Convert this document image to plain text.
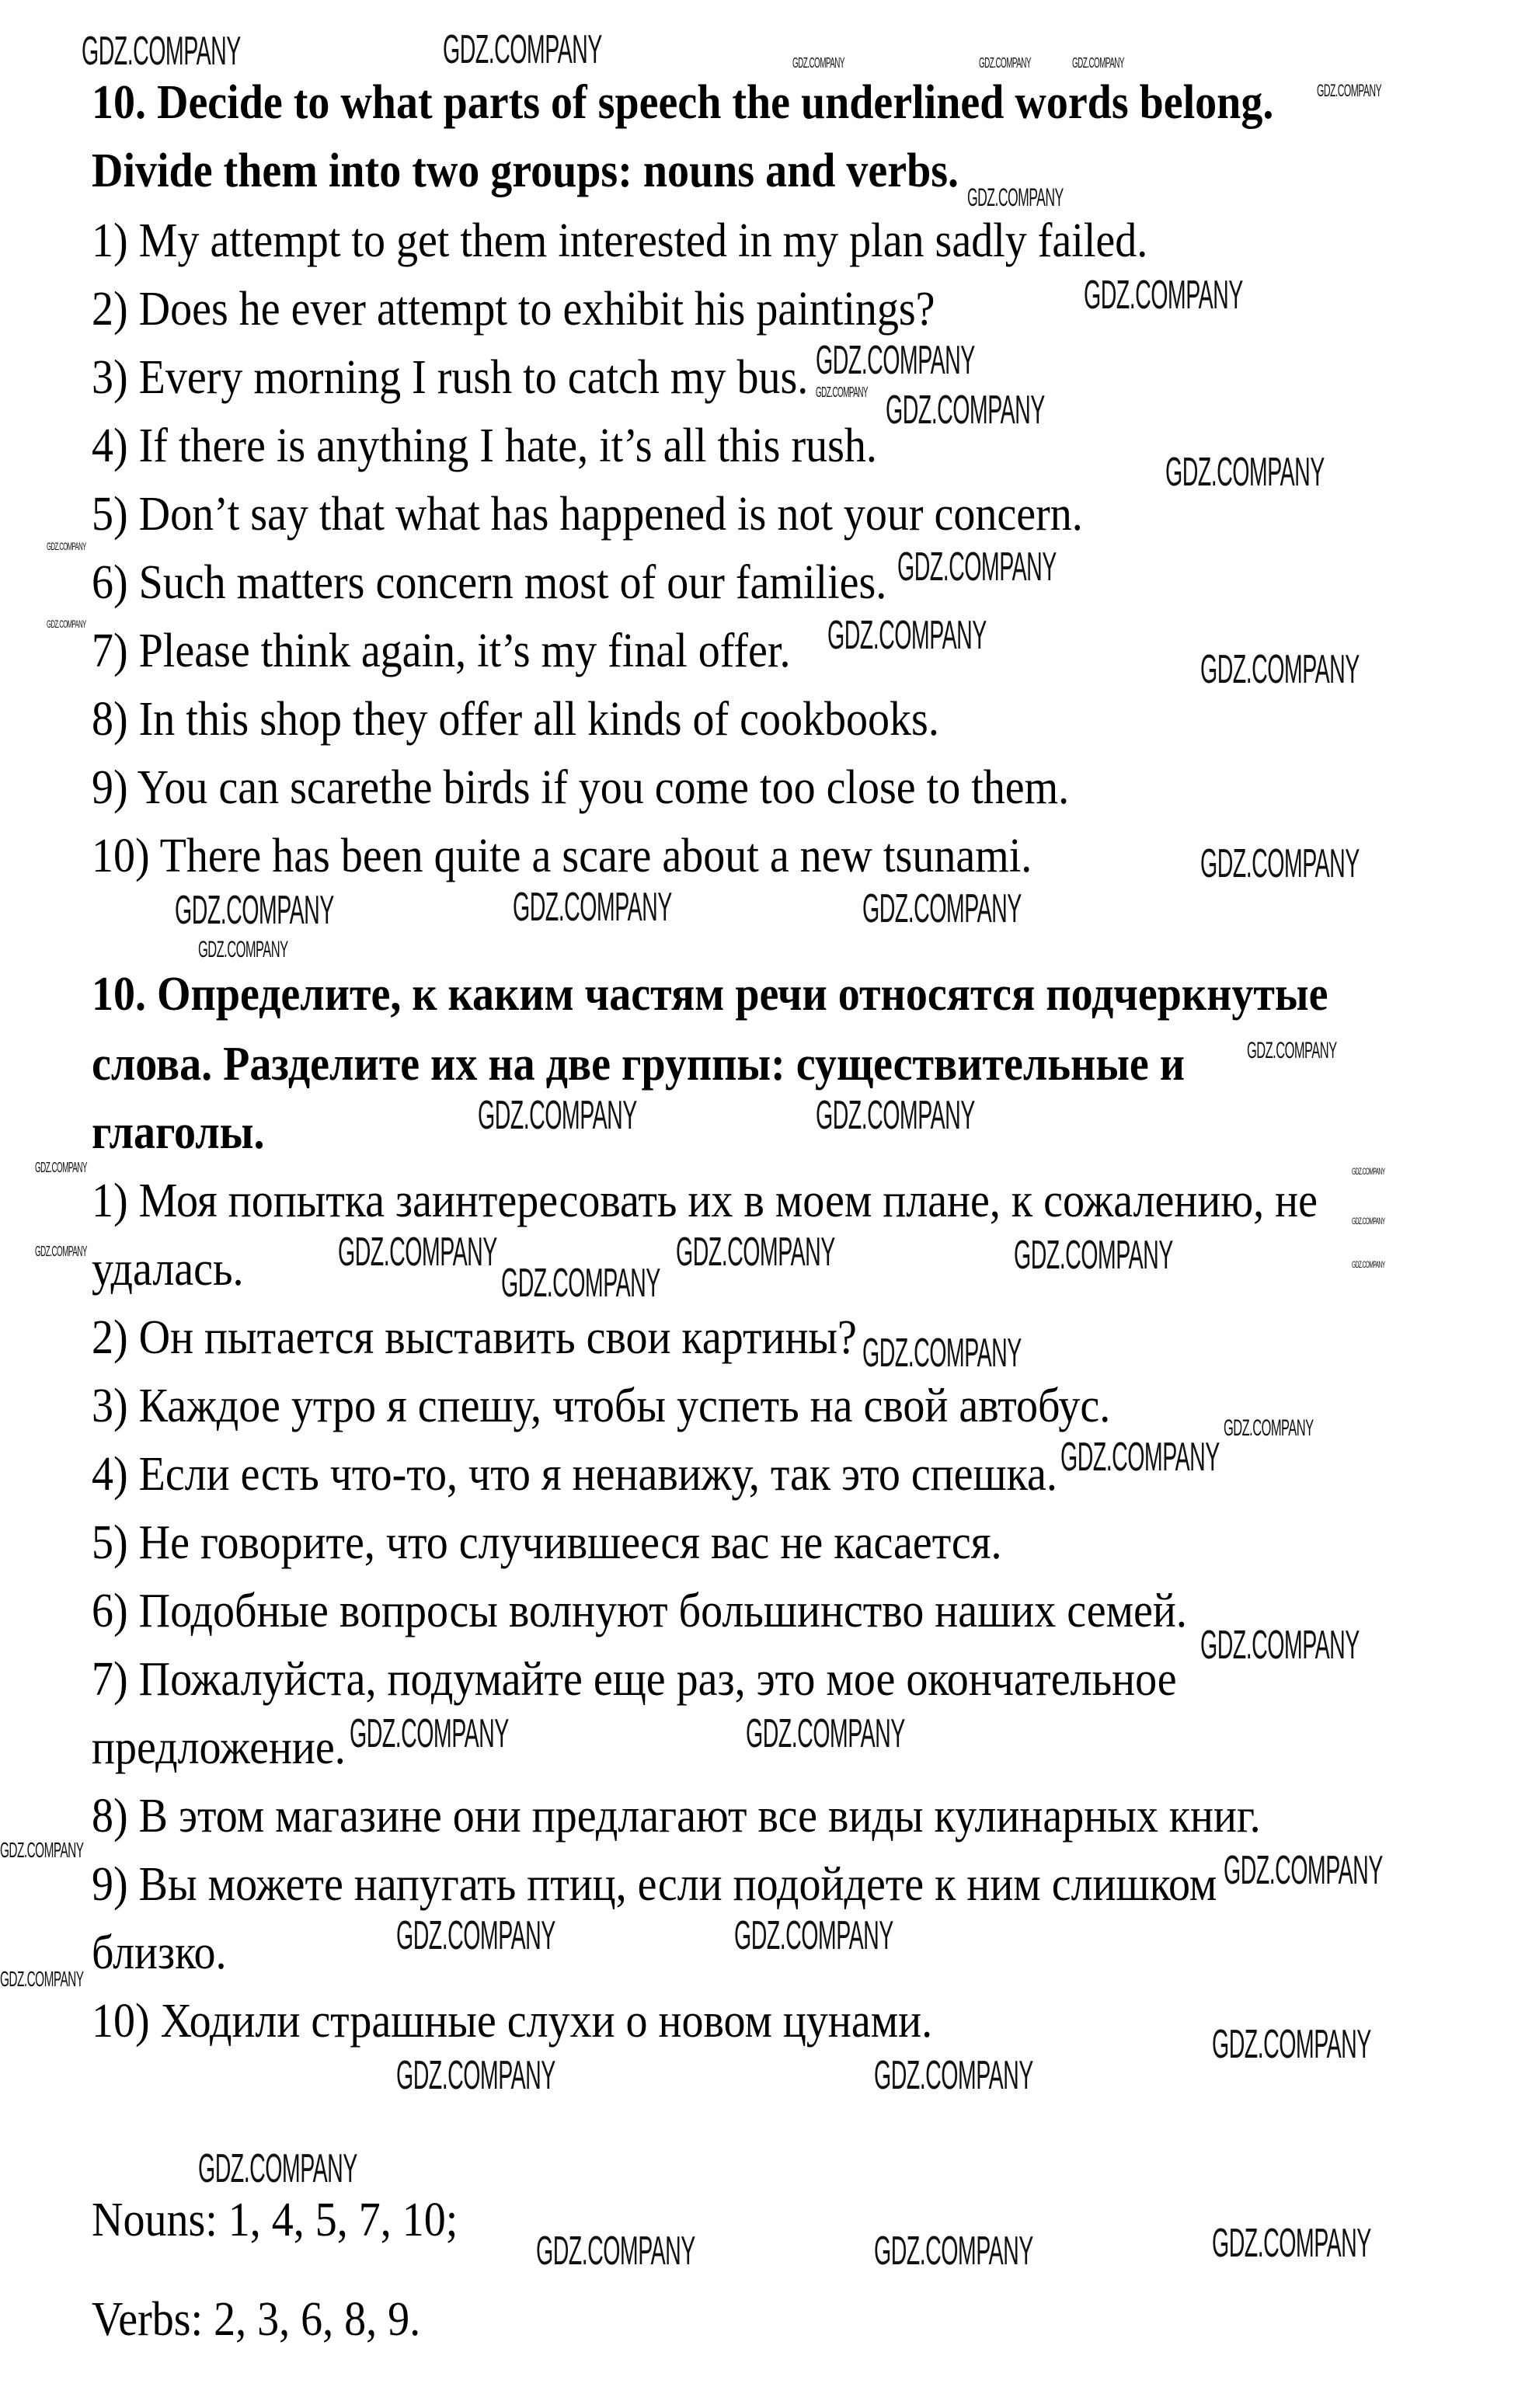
10. Decide to what parts of speech the underlined words belong.
Divide them into two groups: nouns and verbs.
1) My attempt to get them interested in my plan sadly failed.
2) Does he ever attempt to exhibit his paintings?
3) Every morning I rush to catch my bus.
4) If there is anything I hate, it’s all this rush.
5) Don’t say that what has happened is not your concern.
6) Such matters concern most of our families.
7) Please think again, it’s my final offer.
8) In this shop they offer all kinds of cookbooks.
9) You can scarethe birds if you come too close to them.
10) There has been quite a scare about a new tsunami.
10. Определите, к каким частям речи относятся подчеркнутые
слова. Разделите их на две группы: существительные и
глаголы.
1) Моя попытка заинтересовать их в моем плане, к сожалению, не
удалась.
2) Он пытается выставить свои картины?
3) Каждое утро я спешу, чтобы успеть на свой автобус.
4) Если есть что-то, что я ненавижу, так это спешка.
5) Не говорите, что случившееся вас не касается.
6) Подобные вопросы волнуют большинство наших семей.
7) Пожалуйста, подумайте еще раз, это мое окончательное
предложение.
8) В этом магазине они предлагают все виды кулинарных книг.
9) Вы можете напугать птиц, если подойдете к ним слишком
близко.
10) Ходили страшные слухи о новом цунами.
Nouns: 1, 4, 5, 7, 10;
Verbs: 2, 3, 6, 8, 9.
GDZ.COMPANY	GDZ.COMPANY
GDZ.COMPANY
GDZ.COMPANY
GDZ.COMPANY
GDZ.COMPANY
GDZ.COMPANY
GDZ.COMPANY
GDZ.COMPANY
GDZ.COMPANY	GDZ.COMPANY	GDZ.COMPANY
GDZ.COMPANY
GDZ.COMPANY	GDZ.COMPANY
GDZ.COMPANY	GDZ.COMPANY	GDZ.COMPANY
GDZ.COMPANY
GDZ.COMPANY
GDZ.COMPANY
GDZ.COMPANY	GDZ.COMPANY
GDZ.COMPANY
GDZ.COMPANY	GDZ.COMPANY
GDZ.COMPANY
GDZ.COMPANY	GDZ.COMPANY
GDZ.COMPANY
GDZ.COMPANY
GDZ.COMPANY	GDZ.COMPANY	GDZ.COMPANY
GDZ.COMPANY
GDZ.COMPANY
GDZ.COMPANY
GDZ.COMPANY
GDZ.COMPANY
GDZ.COMPANY
GDZ.COMPANY	GDZ.COMPANY	GDZ.COMPANY
GDZ.COMPANY
GDZ.COMPANY
GDZ.COMPANY
GDZ.COMPANY
GDZ.COMPANY
GDZ.COMPANY
GDZ.COMPANY
GDZ.COMPANY
GDZ.COMPANY
